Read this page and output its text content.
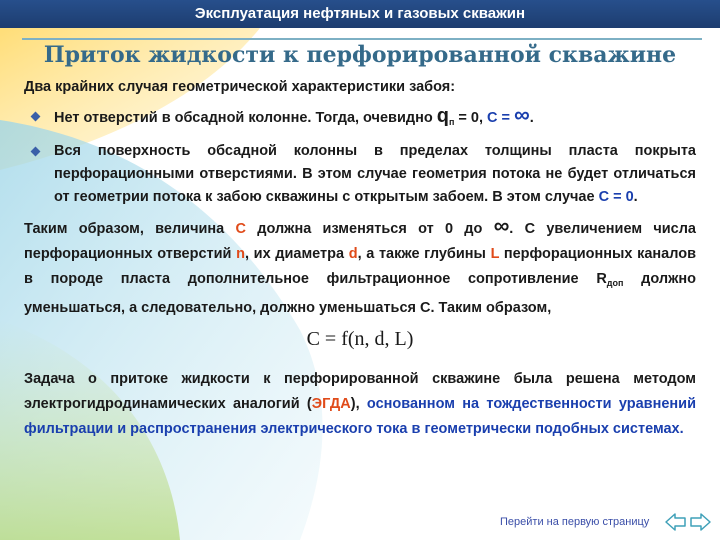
Эксплуатация нефтяных и газовых скважин
Приток жидкости к перфорированной скважине
Два крайних случая геометрической характеристики забоя:
Нет отверстий в обсадной колонне. Тогда, очевидно $q_п = 0$, C = ∞.
Вся поверхность обсадной колонны в пределах толщины пласта покрыта перфорационными отверстиями. В этом случае геометрия потока не будет отличаться от геометрии потока к забою скважины с открытым забоем. В этом случае C = 0.
Таким образом, величина C должна изменяться от 0 до ∞. С увеличением числа перфорационных отверстий n, их диаметра d, а также глубины L перфорационных каналов в породе пласта дополнительное фильтрационное сопротивление $R_{доп}$ должно уменьшаться, а следовательно, должно уменьшаться C. Таким образом,
C = f(n, d, L)
Задача о притоке жидкости к перфорированной скважине была решена методом электрогидродинамических аналогий (ЭГДА), основанном на тождественности уравнений фильтрации и распространения электрического тока в геометрически подобных системах.
Перейти на первую страницу
